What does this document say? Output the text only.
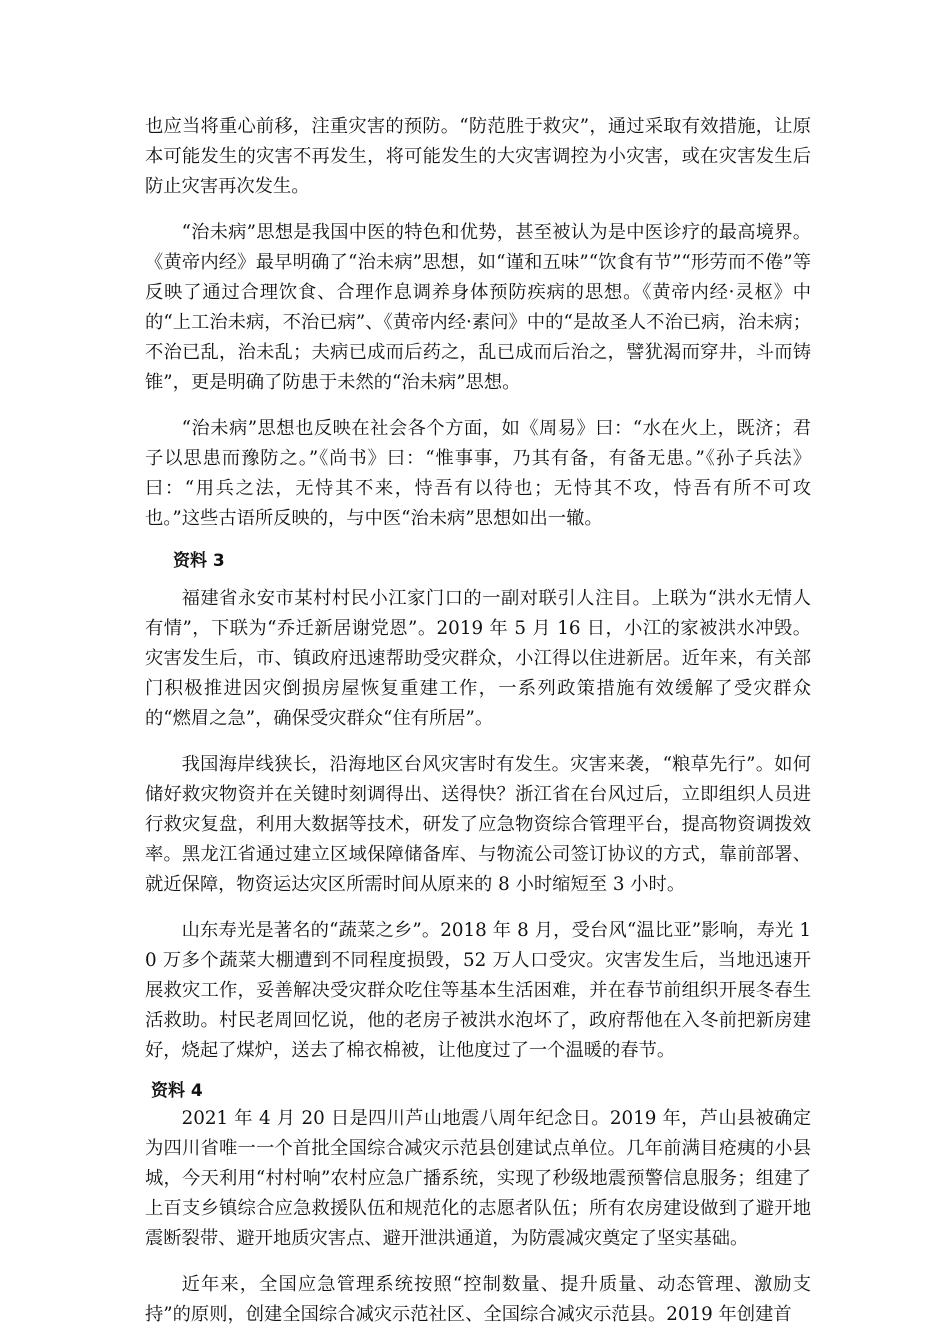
也应当将重心前移，注重灾害的预防。“防范胜于救灾”，通过采取有效措施，让原本可能发生的灾害不再发生，将可能发生的大灾害调控为小灾害，或在灾害发生后防止灾害再次发生。

“治未病”思想是我国中医的特色和优势，甚至被认为是中医诊疗的最高境界。《黄帝内经》最早明确了“治未病”思想，如“谨和五味”“饮食有节”“形劳而不倦”等反映了通过合理饮食、合理作息调养身体预防疾病的思想。《黄帝内经·灵枢》中的“上工治未病，不治已病”、《黄帝内经·素问》中的“是故圣人不治已病，治未病；不治已乱，治未乱；夫病已成而后药之，乱已成而后治之，譬犹渴而穿井，斗而铸锥”，更是明确了防患于未然的“治未病”思想。

“治未病”思想也反映在社会各个方面，如《周易》曰：“水在火上，既济；君子以思患而豫防之。”《尚书》曰：“惟事事，乃其有备，有备无患。”《孙子兵法》曰：“用兵之法，无恃其不来，恃吾有以待也；无恃其不攻，恃吾有所不可攻也。”这些古语所反映的，与中医“治未病”思想如出一辙。

资料 3

福建省永安市某村村民小江家门口的一副对联引人注目。上联为“洪水无情人有情”，下联为“乔迁新居谢党恩”。2019 年 5 月 16 日，小江的家被洪水冲毁。灾害发生后，市、镇政府迅速帮助受灾群众，小江得以住进新居。近年来，有关部门积极推进因灾倒损房屋恢复重建工作，一系列政策措施有效缓解了受灾群众的“燃眉之急”，确保受灾群众“住有所居”。

我国海岸线狭长，沿海地区台风灾害时有发生。灾害来袭，“粮草先行”。如何储好救灾物资并在关键时刻调得出、送得快？浙江省在台风过后，立即组织人员进行救灾复盘，利用大数据等技术，研发了应急物资综合管理平台，提高物资调拨效率。黑龙江省通过建立区域保障储备库、与物流公司签订协议的方式，靠前部署、就近保障，物资运达灾区所需时间从原来的 8 小时缩短至 3 小时。

山东寿光是著名的“蔬菜之乡”。2018 年 8 月，受台风“温比亚”影响，寿光 10 万多个蔬菜大棚遭到不同程度损毁，52 万人口受灾。灾害发生后，当地迅速开展救灾工作，妥善解决受灾群众吃住等基本生活困难，并在春节前组织开展冬春生活救助。村民老周回忆说，他的老房子被洪水泡坏了，政府帮他在入冬前把新房建好，烧起了煤炉，送去了棉衣棉被，让他度过了一个温暖的春节。

资料 4

2021 年 4 月 20 日是四川芦山地震八周年纪念日。2019 年，芦山县被确定为四川省唯一一个首批全国综合减灾示范县创建试点单位。几年前满目疮痍的小县城，今天利用“村村响”农村应急广播系统，实现了秒级地震预警信息服务；组建了上百支乡镇综合应急救援队伍和规范化的志愿者队伍；所有农房建设做到了避开地震断裂带、避开地质灾害点、避开泄洪通道，为防震减灾奠定了坚实基础。

近年来，全国应急管理系统按照“控制数量、提升质量、动态管理、激励支持”的原则，创建全国综合减灾示范社区、全国综合减灾示范县。2019 年创建首
